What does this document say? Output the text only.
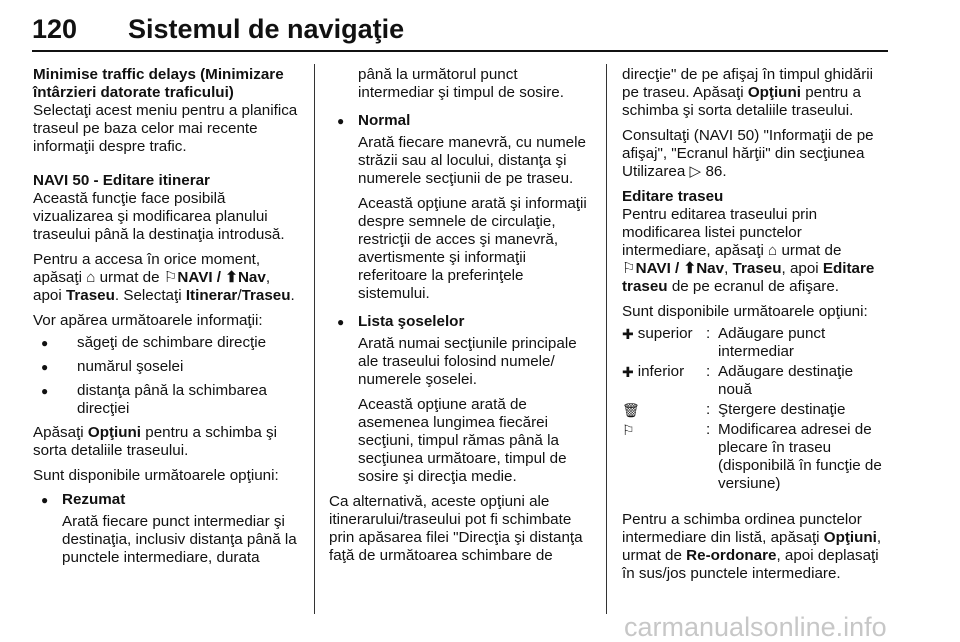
120 Sistemul de navigaţie
Minimise traffic delays (Minimizare întârzieri datorate traficului)

Selectaţi acest meniu pentru a planifica traseul pe baza celor mai recente informaţii despre trafic.

NAVI 50 - Editare itinerar

Această funcţie face posibilă vizualizarea şi modificarea planului traseului până la destinaţia introdusă.

Pentru a accesa în orice moment, apăsaţi ⌂ urmat de ⚐NAVI / ⬆Nav, apoi Traseu. Selectaţi Itinerar/Traseu.

Vor apărea următoarele informaţii:

● săgeţi de schimbare direcţie
● numărul şoselei
● distanţa până la schimbarea direcţiei

Apăsaţi Opţiuni pentru a schimba şi sorta detaliile traseului.

Sunt disponibile următoarele opţiuni:

● Rezumat
Arată fiecare punct intermediar şi destinaţia, inclusiv distanţa până la punctele intermediare, durata

până la următorul punct intermediar şi timpul de sosire.

● Normal

Arată fiecare manevră, cu numele străzii sau al locului, distanţa şi numerele secţiunii de pe traseu.

Această opţiune arată şi informaţii despre semnele de circulaţie, restricţii de acces şi manevră, avertismente şi informaţii referitoare la preferinţele sistemului.

● Lista şoselelor

Arată numai secţiunile principale ale traseului folosind numele/ numerele şoselei.

Această opţiune arată de asemenea lungimea fiecărei secţiuni, timpul rămas până la secţiunea următoare, timpul de sosire şi direcţia medie.

Ca alternativă, aceste opţiuni ale itinerarului/traseului pot fi schimbate prin apăsarea filei "Direcţia şi distanţa faţă de următoarea schimbare de

direcţie" de pe afişaj în timpul ghidării pe traseu. Apăsaţi Opţiuni pentru a schimba şi sorta detaliile traseului.

Consultaţi (NAVI 50) "Informaţii de pe afişaj", "Ecranul hărţii" din secţiunea Utilizarea ▷ 86.

Editare traseu

Pentru editarea traseului prin modificarea listei punctelor intermediare, apăsaţi ⌂ urmat de ⚐NAVI / ⬆Nav, Traseu, apoi Editare traseu de pe ecranul de afişare.

Sunt disponibile următoarele opţiuni:

✚ superior : Adăugare punct intermediar
✚ inferior : Adăugare destinaţie nouă
🗑	: Ştergere destinaţie
⚐	: Modificarea adresei de plecare în traseu (disponibilă în funcţie de versiune)

Pentru a schimba ordinea punctelor intermediare din listă, apăsaţi Opţiuni, urmat de Re-ordonare, apoi deplasaţi în sus/jos punctele intermediare.

carmanualsonline.info
